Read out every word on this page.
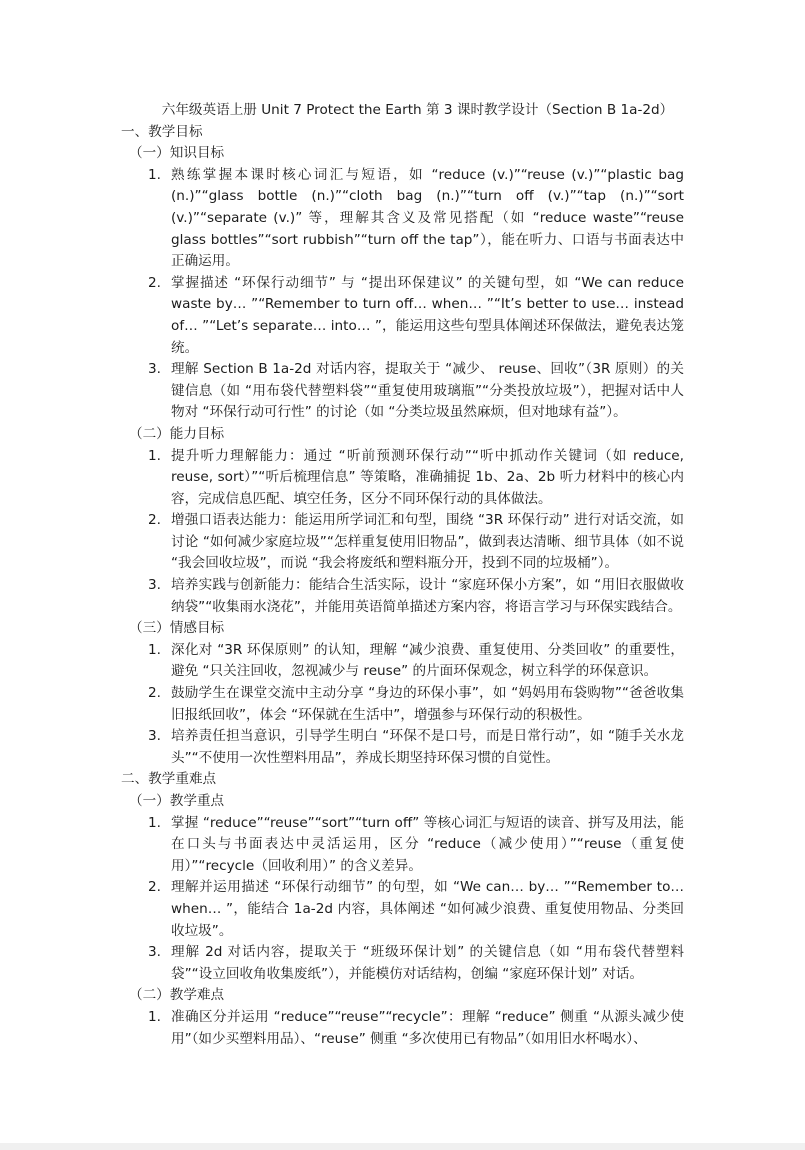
六年级英语上册 Unit 7 Protect the Earth 第 3 课时教学设计（Section B 1a-2d）

一、教学目标
（一）知识目标
1. 熟练掌握本课时核心词汇与短语，如 “reduce (v.)”“reuse (v.)”“plastic bag (n.)”“glass bottle (n.)”“cloth bag (n.)”“turn off (v.)”“tap (n.)”“sort (v.)”“separate (v.)” 等，理解其含义及常见搭配（如 “reduce waste”“reuse glass bottles”“sort rubbish”“turn off the tap”），能在听力、口语与书面表达中正确运用。
2. 掌握描述 “环保行动细节” 与 “提出环保建议” 的关键句型，如 “We can reduce waste by… ”“Remember to turn off… when… ”“It’s better to use… instead of… ”“Let’s separate… into… ”，能运用这些句型具体阐述环保做法，避免表达笼统。
3. 理解 Section B 1a-2d 对话内容，提取关于 “减少、 reuse、回收”（3R 原则）的关键信息（如 “用布袋代替塑料袋”“重复使用玻璃瓶”“分类投放垃圾”），把握对话中人物对 “环保行动可行性” 的讨论（如 “分类垃圾虽然麻烦，但对地球有益”）。
（二）能力目标
1. 提升听力理解能力：通过 “听前预测环保行动”“听中抓动作关键词（如 reduce, reuse, sort）”“听后梳理信息” 等策略，准确捕捉 1b、2a、2b 听力材料中的核心内容，完成信息匹配、填空任务，区分不同环保行动的具体做法。
2. 增强口语表达能力：能运用所学词汇和句型，围绕 “3R 环保行动” 进行对话交流，如讨论 “如何减少家庭垃圾”“怎样重复使用旧物品”，做到表达清晰、细节具体（如不说 “我会回收垃圾”，而说 “我会将废纸和塑料瓶分开，投到不同的垃圾桶”）。
3. 培养实践与创新能力：能结合生活实际，设计 “家庭环保小方案”，如 “用旧衣服做收纳袋”“收集雨水浇花”，并能用英语简单描述方案内容，将语言学习与环保实践结合。
（三）情感目标
1. 深化对 “3R 环保原则” 的认知，理解 “减少浪费、重复使用、分类回收” 的重要性，避免 “只关注回收，忽视减少与 reuse” 的片面环保观念，树立科学的环保意识。
2. 鼓励学生在课堂交流中主动分享 “身边的环保小事”，如 “妈妈用布袋购物”“爸爸收集旧报纸回收”，体会 “环保就在生活中”，增强参与环保行动的积极性。
3. 培养责任担当意识，引导学生明白 “环保不是口号，而是日常行动”，如 “随手关水龙头”“不使用一次性塑料用品”，养成长期坚持环保习惯的自觉性。
二、教学重难点
（一）教学重点
1. 掌握 “reduce”“reuse”“sort”“turn off” 等核心词汇与短语的读音、拼写及用法，能在口头与书面表达中灵活运用，区分 “reduce（减少使用）”“reuse（重复使用）”“recycle（回收利用）” 的含义差异。
2. 理解并运用描述 “环保行动细节” 的句型，如 “We can… by… ”“Remember to… when… ”，能结合 1a-2d 内容，具体阐述 “如何减少浪费、重复使用物品、分类回收垃圾”。
3. 理解 2d 对话内容，提取关于 “班级环保计划” 的关键信息（如 “用布袋代替塑料袋”“设立回收角收集废纸”），并能模仿对话结构，创编 “家庭环保计划” 对话。
（二）教学难点
1. 准确区分并运用 “reduce”“reuse”“recycle”：理解 “reduce” 侧重 “从源头减少使用”（如少买塑料用品）、“reuse” 侧重 “多次使用已有物品”（如用旧水杯喝水）、
